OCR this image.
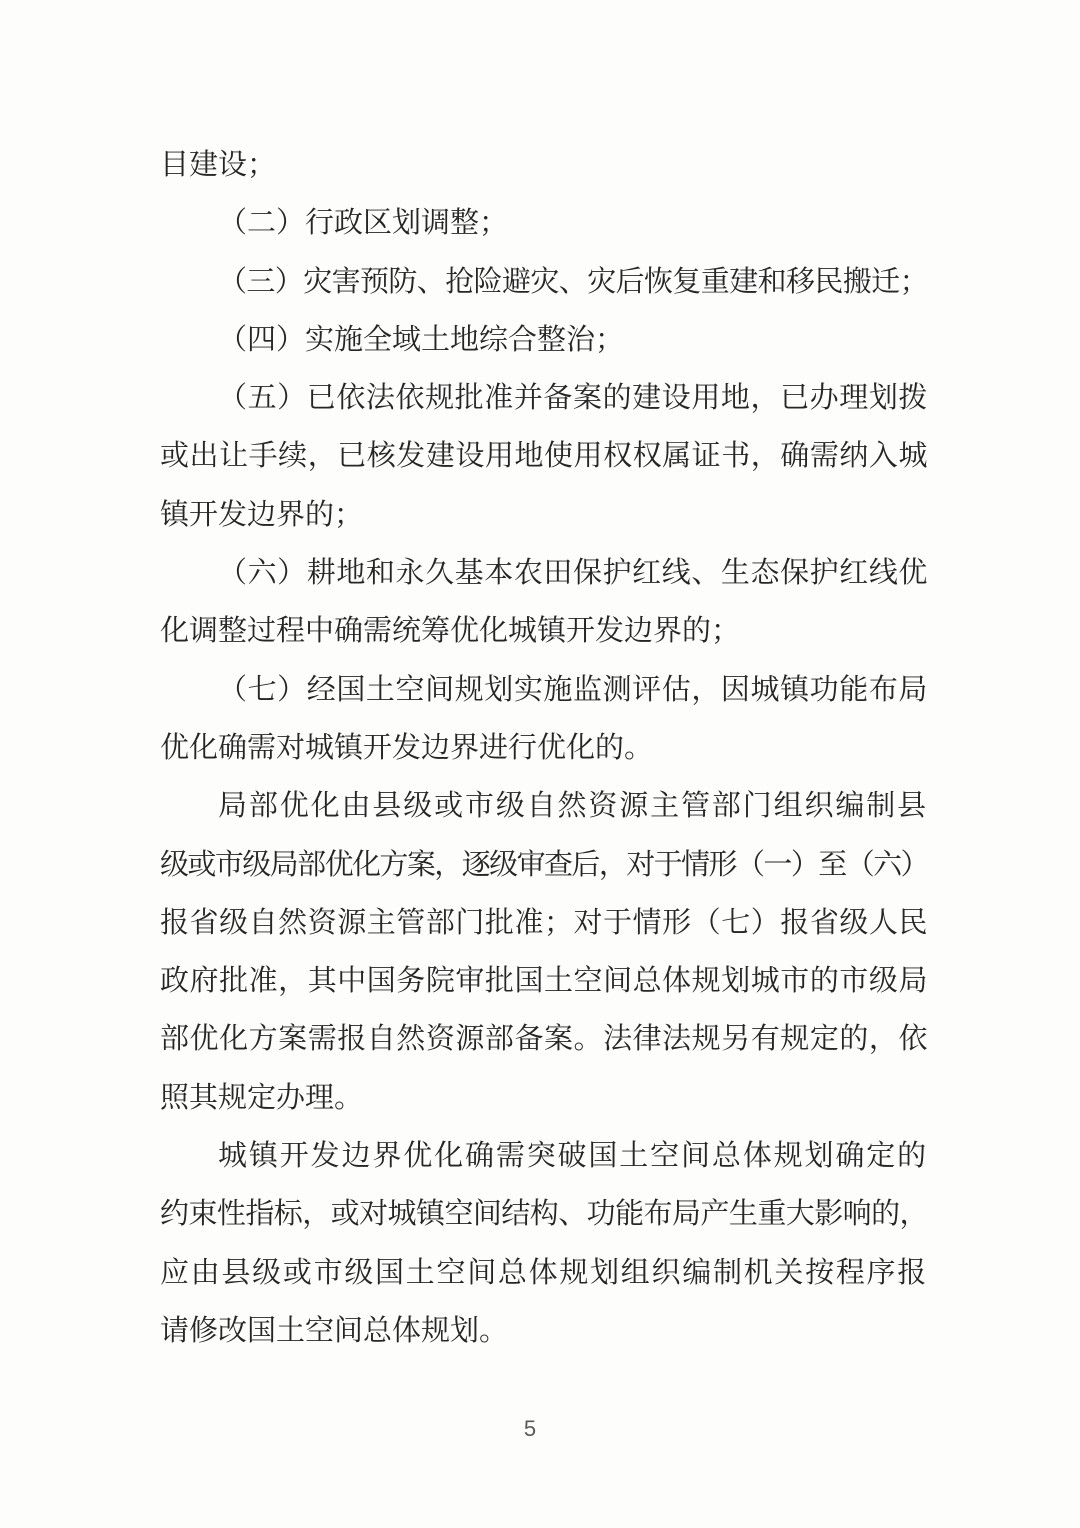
目建设；
（二）行政区划调整；
（三）灾害预防、抢险避灾、灾后恢复重建和移民搬迁；
（四）实施全域土地综合整治；
（五）已依法依规批准并备案的建设用地，已办理划拨
或出让手续，已核发建设用地使用权权属证书，确需纳入城
镇开发边界的；
（六）耕地和永久基本农田保护红线、生态保护红线优
化调整过程中确需统筹优化城镇开发边界的；
（七）经国土空间规划实施监测评估，因城镇功能布局
优化确需对城镇开发边界进行优化的。
局部优化由县级或市级自然资源主管部门组织编制县
级或市级局部优化方案，逐级审查后，对于情形（一）至（六）
报省级自然资源主管部门批准；对于情形（七）报省级人民
政府批准，其中国务院审批国土空间总体规划城市的市级局
部优化方案需报自然资源部备案。法律法规另有规定的，依
照其规定办理。
城镇开发边界优化确需突破国土空间总体规划确定的
约束性指标，或对城镇空间结构、功能布局产生重大影响的，
应由县级或市级国土空间总体规划组织编制机关按程序报
请修改国土空间总体规划。
5
